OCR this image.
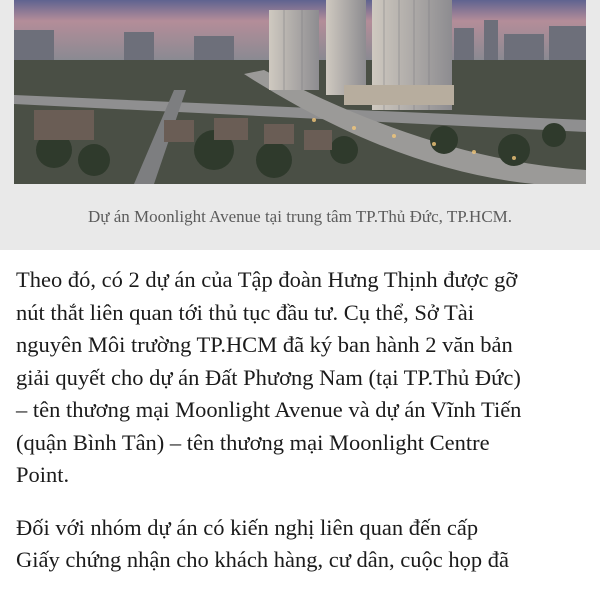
Dự án Moonlight Avenue tại trung tâm TP.Thủ Đức, TP.HCM.

Theo đó, có 2 dự án của Tập đoàn Hưng Thịnh được gỡ
nút thắt liên quan tới thủ tục đầu tư. Cụ thể, Sở Tài
nguyên Môi trường TP.HCM đã ký ban hành 2 văn bản
giải quyết cho dự án Đất Phương Nam (tại TP.Thủ Đức)
– tên thương mại Moonlight Avenue và dự án Vĩnh Tiến
(quận Bình Tân) – tên thương mại Moonlight Centre
Point.

Đối với nhóm dự án có kiến nghị liên quan đến cấp
Giấy chứng nhận cho khách hàng, cư dân, cuộc họp đã
